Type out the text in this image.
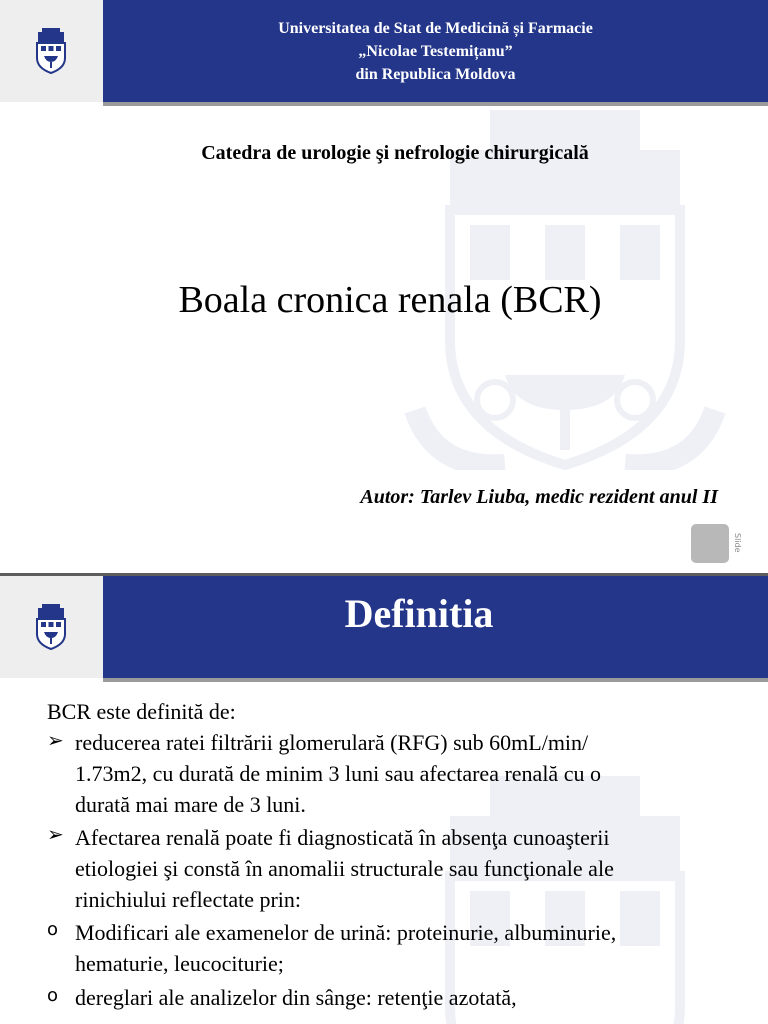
Universitatea de Stat de Medicină și Farmacie
„Nicolae Testemițanu”
din Republica Moldova
Catedra de urologie şi nefrologie chirurgicală
Boala cronica renala (BCR)
Autor: Tarlev Liuba, medic rezident anul II
Slide
Definitia
BCR este definită de:
➢ reducerea ratei filtrării glomerulară (RFG) sub 60mL/min/
1.73m2, cu durată de minim 3 luni sau afectarea renală cu o
durată mai mare de 3 luni.
➢ Afectarea renală poate fi diagnosticată în absenţa cunoaşterii
etiologiei şi constă în anomalii structurale sau funcţionale ale
rinichiului reflectate prin:
o Modificari ale examenelor de urină: proteinurie, albuminurie,
hematurie, leucociturie;
o dereglari ale analizelor din sânge: retenţie azotată,
